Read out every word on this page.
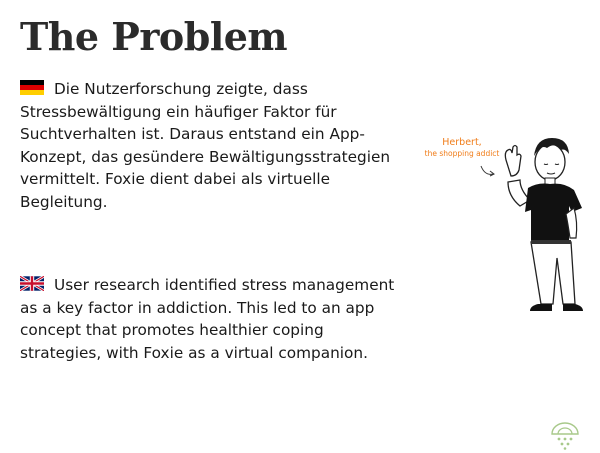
The Problem

Die Nutzerforschung zeigte, dass Stressbewältigung ein häufiger Faktor für Suchtverhalten ist. Daraus entstand ein App-Konzept, das gesündere Bewältigungsstrategien vermittelt. Foxie dient dabei als virtuelle Begleitung.

User research identified stress management as a key factor in addiction. This led to an app concept that promotes healthier coping strategies, with Foxie as a virtual companion.

Herbert,
the shopping addict
